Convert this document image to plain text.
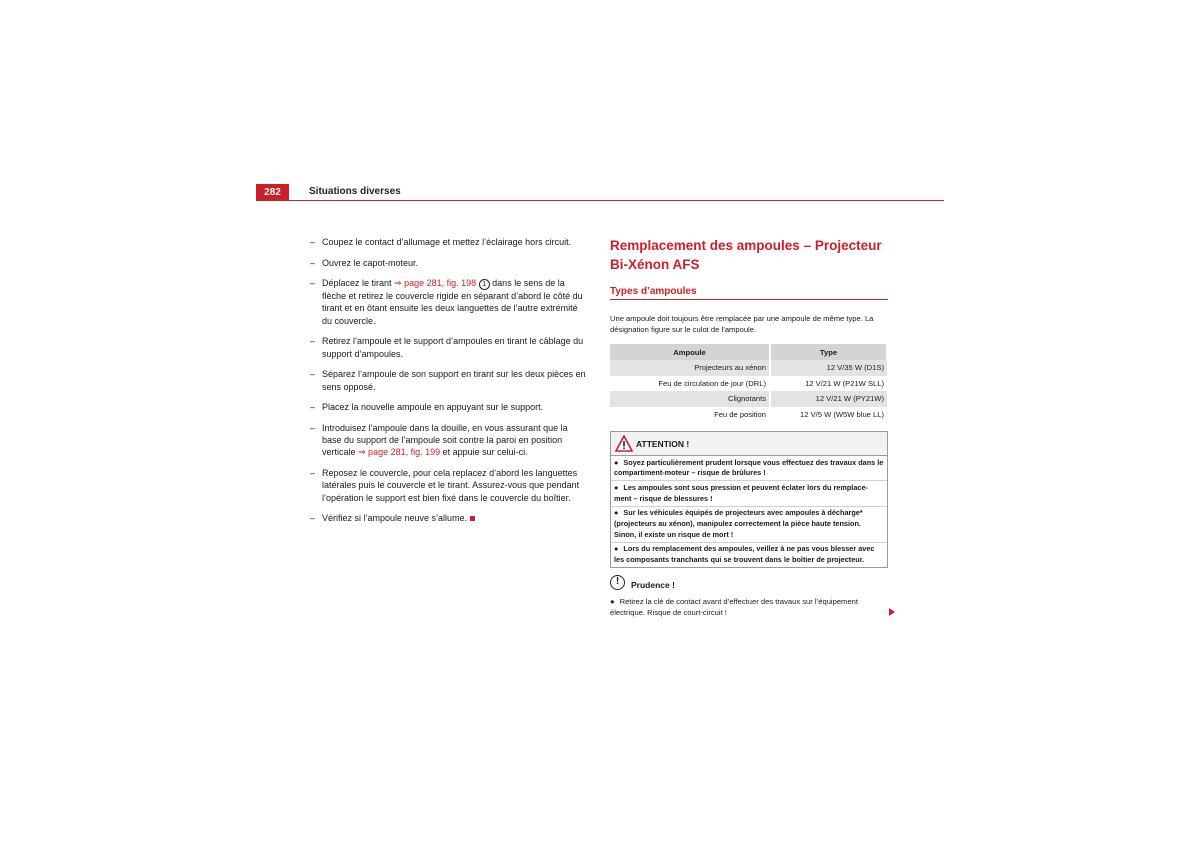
282	Situations diverses
– Coupez le contact d’allumage et mettez l’éclairage hors circuit.
– Ouvrez le capot-moteur.
– Déplacez le tirant ⇒ page 281, fig. 198 1 dans le sens de la flèche et retirez le couvercle rigide en séparant d’abord le côté du tirant et en ôtant ensuite les deux languettes de l’autre extrémité du couvercle.
– Retirez l’ampoule et le support d’ampoules en tirant le câblage du support d’ampoules.
– Séparez l’ampoule de son support en tirant sur les deux pièces en sens opposé.
– Placez la nouvelle ampoule en appuyant sur le support.
– Introduisez l’ampoule dans la douille, en vous assurant que la base du support de l’ampoule soit contre la paroi en position verticale ⇒ page 281, fig. 199 et appuie sur celui-ci.
– Reposez le couvercle, pour cela replacez d’abord les languettes latérales puis le couvercle et le tirant. Assurez-vous que pendant l’opération le support est bien fixé dans le couvercle du boîtier.
– Vérifiez si l’ampoule neuve s’allume.
Remplacement des ampoules – Projecteur Bi-Xénon AFS
Types d’ampoules
Une ampoule doit toujours être remplacée par une ampoule de même type. La désignation figure sur le culot de l’ampoule.
Ampoule	Type
Projecteurs au xénon	12 V/35 W (D1S)
Feu de circulation de jour (DRL)	12 V/21 W (P21W SLL)
Clignotants	12 V/21 W (PY21W)
Feu de position	12 V/5 W (W5W blue LL)
ATTENTION !
● Soyez particulièrement prudent lorsque vous effectuez des travaux dans le compartiment-moteur – risque de brûlures !
● Les ampoules sont sous pression et peuvent éclater lors du remplace- ment – risque de blessures !
● Sur les véhicules équipés de projecteurs avec ampoules à décharge* (projecteurs au xénon), manipulez correctement la pièce haute tension. Sinon, il existe un risque de mort !
● Lors du remplacement des ampoules, veillez à ne pas vous blesser avec les composants tranchants qui se trouvent dans le boîtier de projecteur.
!	Prudence !
● Retirez la clé de contact avant d’effectuer des travaux sur l’équipement électrique. Risque de court-circuit !
